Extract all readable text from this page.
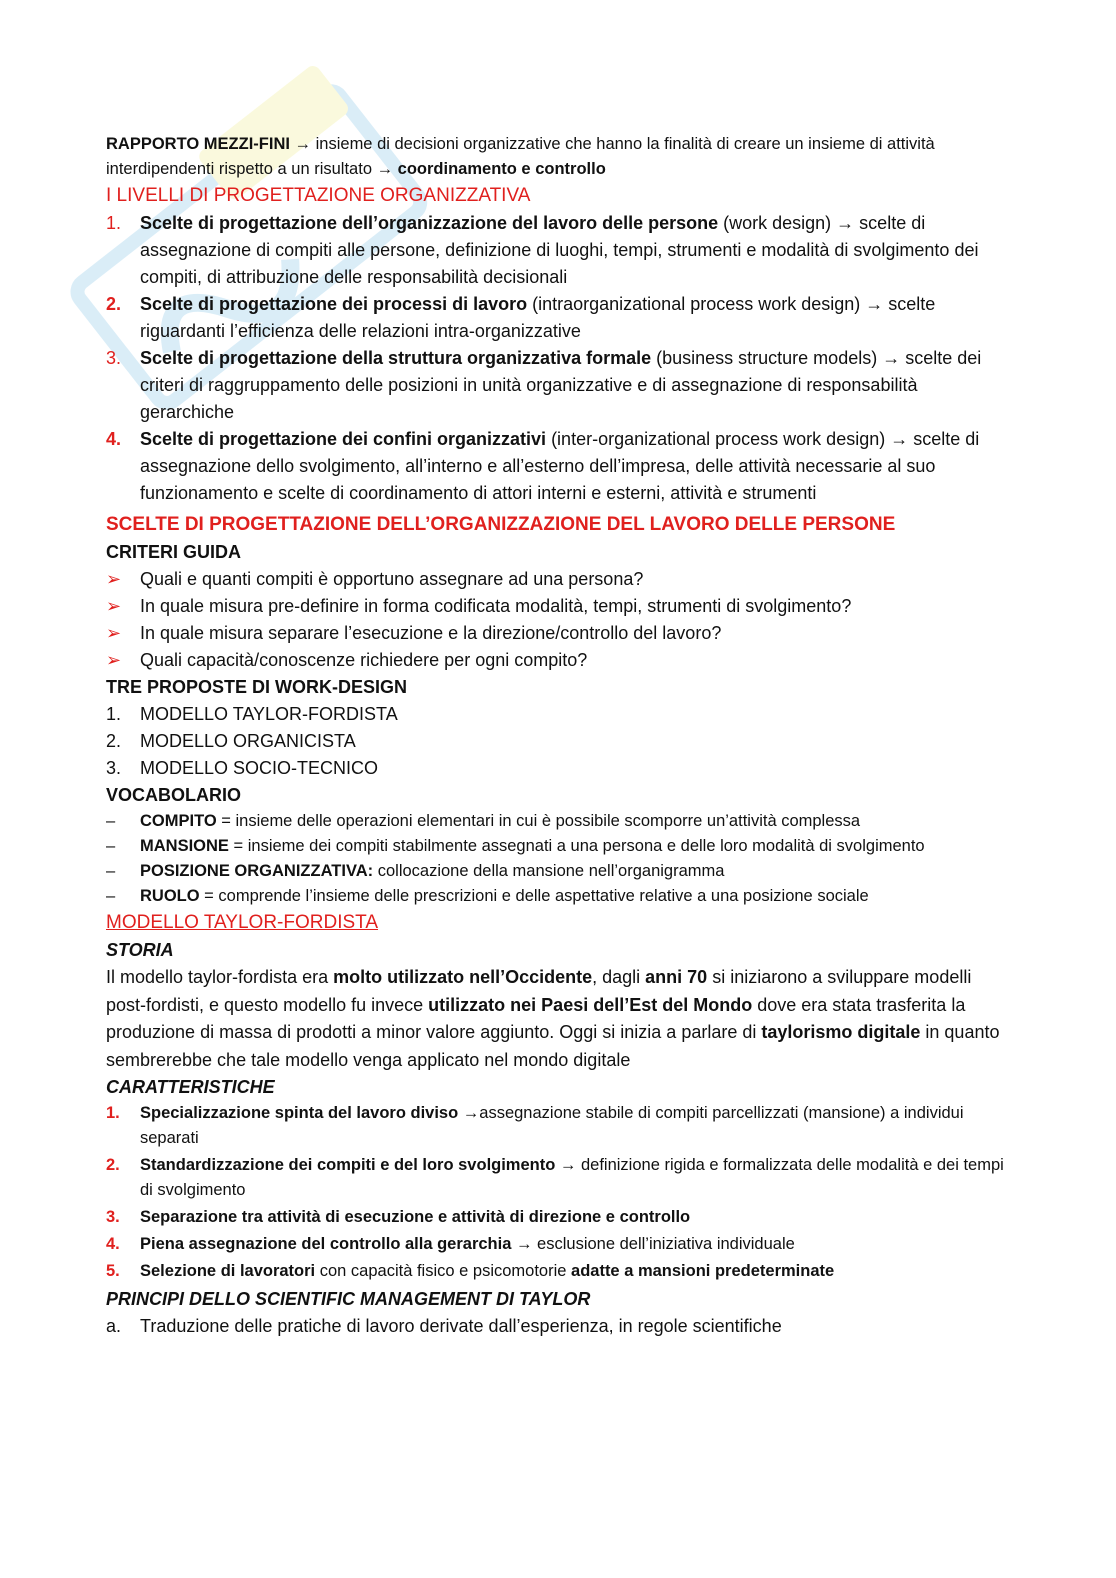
RAPPORTO MEZZI-FINI → insieme di decisioni organizzative che hanno la finalità di creare un insieme di attività interdipendenti rispetto a un risultato → coordinamento e controllo
I LIVELLI DI PROGETTAZIONE ORGANIZZATIVA
1. Scelte di progettazione dell’organizzazione del lavoro delle persone (work design) → scelte di assegnazione di compiti alle persone, definizione di luoghi, tempi, strumenti e modalità di svolgimento dei compiti, di attribuzione delle responsabilità decisionali
2. Scelte di progettazione dei processi di lavoro (intraorganizational process work design) → scelte riguardanti l’efficienza delle relazioni intra-organizzative
3. Scelte di progettazione della struttura organizzativa formale (business structure models) → scelte dei criteri di raggruppamento delle posizioni in unità organizzative e di assegnazione di responsabilità gerarchiche
4. Scelte di progettazione dei confini organizzativi (inter-organizational process work design) → scelte di assegnazione dello svolgimento, all’interno e all’esterno dell’impresa, delle attività necessarie al suo funzionamento e scelte di coordinamento di attori interni e esterni, attività e strumenti
SCELTE DI PROGETTAZIONE DELL’ORGANIZZAZIONE DEL LAVORO DELLE PERSONE
CRITERI GUIDA
➢ Quali e quanti compiti è opportuno assegnare ad una persona?
➢ In quale misura pre-definire in forma codificata modalità, tempi, strumenti di svolgimento?
➢ In quale misura separare l’esecuzione e la direzione/controllo del lavoro?
➢ Quali capacità/conoscenze richiedere per ogni compito?
TRE PROPOSTE DI WORK-DESIGN
1. MODELLO TAYLOR-FORDISTA
2. MODELLO ORGANICISTA
3. MODELLO SOCIO-TECNICO
VOCABOLARIO
– COMPITO = insieme delle operazioni elementari in cui è possibile scomporre un’attività complessa
– MANSIONE = insieme dei compiti stabilmente assegnati a una persona e delle loro modalità di svolgimento
– POSIZIONE ORGANIZZATIVA: collocazione della mansione nell’organigramma
– RUOLO = comprende l’insieme delle prescrizioni e delle aspettative relative a una posizione sociale
MODELLO TAYLOR-FORDISTA
STORIA
Il modello taylor-fordista era molto utilizzato nell’Occidente, dagli anni 70 si iniziarono a sviluppare modelli post-fordisti, e questo modello fu invece utilizzato nei Paesi dell’Est del Mondo dove era stata trasferita la produzione di massa di prodotti a minor valore aggiunto. Oggi si inizia a parlare di taylorismo digitale in quanto sembrerebbe che tale modello venga applicato nel mondo digitale
CARATTERISTICHE
1. Specializzazione spinta del lavoro diviso →assegnazione stabile di compiti parcellizzati (mansione) a individui separati
2. Standardizzazione dei compiti e del loro svolgimento → definizione rigida e formalizzata delle modalità e dei tempi di svolgimento
3. Separazione tra attività di esecuzione e attività di direzione e controllo
4. Piena assegnazione del controllo alla gerarchia → esclusione dell’iniziativa individuale
5. Selezione di lavoratori con capacità fisico e psicomotorie adatte a mansioni predeterminate
PRINCIPI DELLO SCIENTIFIC MANAGEMENT DI TAYLOR
a. Traduzione delle pratiche di lavoro derivate dall’esperienza, in regole scientifiche
